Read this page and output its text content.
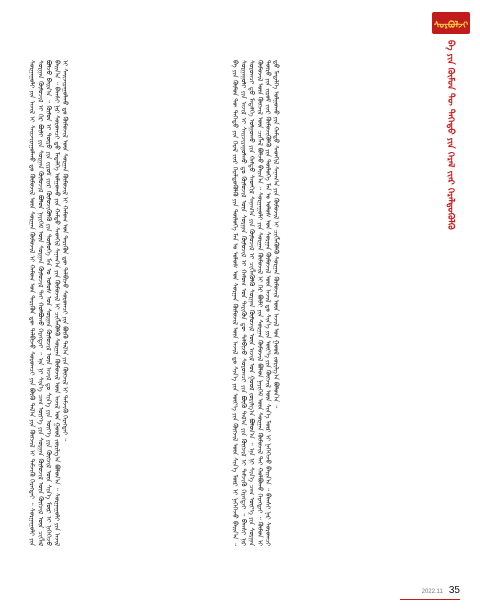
ᠰᠤᠷᠪᠤᠯᠵᠢ
ᠪᠡ ᠶᠢᠨ ᠬᠦᠮᠦᠨ ᠲᠦ ᠳᠡᠭᠡᠳᠦ ᠶᠢᠨ ᠭᠡᠷᠡᠯ ᠵᠢᠡᠷ ᠭᠡᠷᠡᠯᠲᠦᠭᠦᠯᠬᠦ
ᠪᠡ ᠶᠢᠨ ᠬᠦᠮᠦᠨ ᠲᠦ ᠳᠡᠭᠡᠳᠦ ᠶᠢᠨ ᠭᠡᠷᠡᠯ ᠵᠢᠡᠷ ᠭᠡᠷᠡᠯᠲᠦᠭᠦᠯᠬᠦ ᠶᠢᠨ ᠲᠥᠯᠥᠭᠡ ᠮᠠᠨ ᠤ ᠤᠯᠤᠰ ᠤᠨ ᠰᠤᠷᠭᠠᠨ ᠬᠥᠮᠦᠵᠢᠯ ᠦᠨ ᠠᠵᠢᠯ ᠳᠤ ᠰᠢᠨ᠎ᠡ ᠶᠢᠨ ᠦᠶ᠎ᠡ ᠶᠢᠨ ᠬᠥᠭᠵᠢᠯ ᠦᠨ ᠰᠢᠨ᠎ᠡ ᠮᠥᠷ ᠢ ᠨᠡᠭᠡᠭᠡᠵᠦ ᠪᠠᠢᠨ᠎ᠠ ᠃ ᠰᠤᠷᠭᠠᠭᠤᠯᠢ ᠶᠢᠨ ᠠᠵᠢᠯ ᠢ ᠰᠠᠢᠵᠢᠷᠠᠭᠤᠯᠬᠤ ᠳᠤ ᠬᠦᠮᠦᠵᠢᠯ ᠦᠨ ᠰᠤᠷᠭᠠᠨ ᠬᠥᠮᠦᠵᠢᠯ ᠢ ᠬᠠᠮᠤᠭ ᠤᠨ ᠲᠡᠷᠢᠭᠦᠨ ᠳᠦ ᠲᠠᠯᠪᠢᠵᠤ ᠰᠤᠷᠤᠭᠴᠢ ᠶᠢᠨ ᠪᠦᠬᠦ ᠲᠠᠯ᠎ᠠ ᠶᠢᠨ ᠬᠥᠭᠵᠢᠯ ᠢ ᠳᠡᠮᠵᠢᠬᠦ ᠬᠡᠷᠡᠭᠲᠡᠢ ᠃ ᠪᠠᠭᠰᠢ ᠨᠠᠷ ᠰᠤᠷᠤᠭᠴᠢ ᠳ᠋ᠤ ᠮᠡᠳᠡᠯᠭᠡ ᠣᠯᠭᠤᠬᠤ ᠶᠢᠨ ᠬᠠᠮᠲᠤ ᠰᠡᠳᠬᠢᠯ ᠰᠠᠨᠠᠭ᠎ᠠ ᠶᠢᠨ ᠬᠦᠮᠦᠵᠢᠯ ᠢ ᠴᠢᠭᠯᠡᠭᠦᠯᠬᠦ ᠰᠤᠷᠭᠠᠨ ᠬᠥᠮᠦᠵᠢᠯ ᠦᠨ ᠠᠵᠢᠯ ᠤᠨ ᠭᠤᠤᠯ ᠵᠣᠷᠢᠯᠭ᠎ᠠ ᠪᠣᠯᠤᠨ᠎ᠠ ᠃ ᠡᠨᠡ ᠨᠢ ᠰᠢᠨ᠎ᠡ ᠴᠠᠭ ᠦᠶ᠎ᠡ ᠶᠢᠨ ᠰᠤᠷᠭᠠᠨ ᠬᠥᠮᠦᠵᠢᠯ ᠦᠨ ᠬᠥᠭᠵᠢᠯ ᠦᠨ ᠴᠢᠭᠯᠡᠯ ᠪᠣᠯᠵᠤ ᠪᠠᠢᠨ᠎ᠠ ᠃ ᠰᠤᠷᠭᠠᠭᠤᠯᠢ ᠶᠢᠨ ᠰᠤᠷᠭᠠᠨ ᠬᠥᠮᠦᠵᠢᠯ ᠢ ᠭᠡᠷ ᠪᠦᠯᠢ ᠶᠢᠨ ᠰᠤᠷᠭᠠᠨ ᠬᠥᠮᠦᠵᠢᠯ ᠪᠣᠯᠤᠨ ᠨᠡᠶᠢᠭᠡᠮ ᠦᠨ ᠰᠤᠷᠭᠠᠨ ᠬᠥᠮᠦᠵᠢᠯ ᠲᠡᠢ ᠬᠣᠯᠪᠣᠬᠤ ᠬᠡᠷᠡᠭᠲᠡᠢ ᠃ ᠬᠦᠮᠦᠨ ᠢ ᠲᠦᠷᠦ ᠶᠢᠨ ᠵᠢᠷᠤᠮ ᠵᠢᠡᠷ ᠬᠥᠮᠦᠵᠢᠭᠦᠯᠬᠦ ᠶᠢᠨ ᠲᠥᠯᠥᠭᠡ ᠮᠠᠨ ᠤ ᠤᠯᠤᠰ ᠤᠨ ᠰᠤᠷᠭᠠᠨ ᠬᠥᠮᠦᠵᠢᠯ ᠦᠨ ᠠᠵᠢᠯ ᠳᠤ ᠰᠢᠨ᠎ᠡ ᠶᠢᠨ ᠦᠶ᠎ᠡ ᠶᠢᠨ ᠬᠥᠭᠵᠢᠯ ᠦᠨ ᠰᠢᠨ᠎ᠡ ᠮᠥᠷ ᠢ ᠨᠡᠭᠡᠭᠡᠵᠦ ᠪᠠᠢᠨ᠎ᠠ ᠃ ᠪᠠᠭᠰᠢ ᠨᠠᠷ ᠰᠤᠷᠤᠭᠴᠢ ᠳ᠋ᠤ ᠮᠡᠳᠡᠯᠭᠡ ᠣᠯᠭᠤᠬᠤ ᠶᠢᠨ ᠬᠠᠮᠲᠤ ᠰᠡᠳᠬᠢᠯ ᠰᠠᠨᠠᠭ᠎ᠠ ᠶᠢᠨ ᠬᠦᠮᠦᠵᠢᠯ ᠢ ᠴᠢᠭᠯᠡᠭᠦᠯᠬᠦ ᠰᠤᠷᠭᠠᠨ ᠬᠥᠮᠦᠵᠢᠯ ᠦᠨ ᠠᠵᠢᠯ ᠤᠨ ᠭᠤᠤᠯ ᠵᠣᠷᠢᠯᠭ᠎ᠠ ᠪᠣᠯᠤᠨ᠎ᠠ ᠃
ᠰᠤᠷᠭᠠᠭᠤᠯᠢ ᠶᠢᠨ ᠠᠵᠢᠯ ᠢ ᠰᠠᠢᠵᠢᠷᠠᠭᠤᠯᠬᠤ ᠳᠤ ᠬᠦᠮᠦᠵᠢᠯ ᠦᠨ ᠰᠤᠷᠭᠠᠨ ᠬᠥᠮᠦᠵᠢᠯ ᠢ ᠬᠠᠮᠤᠭ ᠤᠨ ᠲᠡᠷᠢᠭᠦᠨ ᠳᠦ ᠲᠠᠯᠪᠢᠵᠤ ᠰᠤᠷᠤᠭᠴᠢ ᠶᠢᠨ ᠪᠦᠬᠦ ᠲᠠᠯ᠎ᠠ ᠶᠢᠨ ᠬᠥᠭᠵᠢᠯ ᠢ ᠳᠡᠮᠵᠢᠬᠦ ᠬᠡᠷᠡᠭᠲᠡᠢ ᠃ ᠰᠤᠷᠭᠠᠭᠤᠯᠢ ᠶᠢᠨ ᠰᠤᠷᠭᠠᠨ ᠬᠥᠮᠦᠵᠢᠯ ᠢ ᠭᠡᠷ ᠪᠦᠯᠢ ᠶᠢᠨ ᠰᠤᠷᠭᠠᠨ ᠬᠥᠮᠦᠵᠢᠯ ᠪᠣᠯᠤᠨ ᠨᠡᠶᠢᠭᠡᠮ ᠦᠨ ᠰᠤᠷᠭᠠᠨ ᠬᠥᠮᠦᠵᠢᠯ ᠲᠡᠢ ᠬᠣᠯᠪᠣᠬᠤ ᠬᠡᠷᠡᠭᠲᠡᠢ ᠃ ᠡᠨᠡ ᠨᠢ ᠰᠢᠨ᠎ᠡ ᠴᠠᠭ ᠦᠶ᠎ᠡ ᠶᠢᠨ ᠰᠤᠷᠭᠠᠨ ᠬᠥᠮᠦᠵᠢᠯ ᠦᠨ ᠬᠥᠭᠵᠢᠯ ᠦᠨ ᠴᠢᠭᠯᠡᠯ ᠪᠣᠯᠵᠤ ᠪᠠᠢᠨ᠎ᠠ ᠃ ᠬᠦᠮᠦᠨ ᠢ ᠲᠦᠷᠦ ᠶᠢᠨ ᠵᠢᠷᠤᠮ ᠵᠢᠡᠷ ᠬᠥᠮᠦᠵᠢᠭᠦᠯᠬᠦ ᠶᠢᠨ ᠲᠥᠯᠥᠭᠡ ᠮᠠᠨ ᠤ ᠤᠯᠤᠰ ᠤᠨ ᠰᠤᠷᠭᠠᠨ ᠬᠥᠮᠦᠵᠢᠯ ᠦᠨ ᠠᠵᠢᠯ ᠳᠤ ᠰᠢᠨ᠎ᠡ ᠶᠢᠨ ᠦᠶ᠎ᠡ ᠶᠢᠨ ᠬᠥᠭᠵᠢᠯ ᠦᠨ ᠰᠢᠨ᠎ᠡ ᠮᠥᠷ ᠢ ᠨᠡᠭᠡᠭᠡᠵᠦ ᠪᠠᠢᠨ᠎ᠠ ᠃ ᠪᠠᠭᠰᠢ ᠨᠠᠷ ᠰᠤᠷᠤᠭᠴᠢ ᠳ᠋ᠤ ᠮᠡᠳᠡᠯᠭᠡ ᠣᠯᠭᠤᠬᠤ ᠶᠢᠨ ᠬᠠᠮᠲᠤ ᠰᠡᠳᠬᠢᠯ ᠰᠠᠨᠠᠭ᠎ᠠ ᠶᠢᠨ ᠬᠦᠮᠦᠵᠢᠯ ᠢ ᠴᠢᠭᠯᠡᠭᠦᠯᠬᠦ ᠰᠤᠷᠭᠠᠨ ᠬᠥᠮᠦᠵᠢᠯ ᠦᠨ ᠠᠵᠢᠯ ᠤᠨ ᠭᠤᠤᠯ ᠵᠣᠷᠢᠯᠭ᠎ᠠ ᠪᠣᠯᠤᠨ᠎ᠠ ᠃ ᠰᠤᠷᠭᠠᠭᠤᠯᠢ ᠶᠢᠨ ᠠᠵᠢᠯ ᠢ ᠰᠠᠢᠵᠢᠷᠠᠭᠤᠯᠬᠤ ᠳᠤ ᠬᠦᠮᠦᠵᠢᠯ ᠦᠨ ᠰᠤᠷᠭᠠᠨ ᠬᠥᠮᠦᠵᠢᠯ ᠢ ᠬᠠᠮᠤᠭ ᠤᠨ ᠲᠡᠷᠢᠭᠦᠨ ᠳᠦ ᠲᠠᠯᠪᠢᠵᠤ ᠰᠤᠷᠤᠭᠴᠢ ᠶᠢᠨ ᠪᠦᠬᠦ ᠲᠠᠯ᠎ᠠ ᠶᠢᠨ ᠬᠥᠭᠵᠢᠯ ᠢ ᠳᠡᠮᠵᠢᠬᠦ ᠬᠡᠷᠡᠭᠲᠡᠢ ᠃
2022.11 35
